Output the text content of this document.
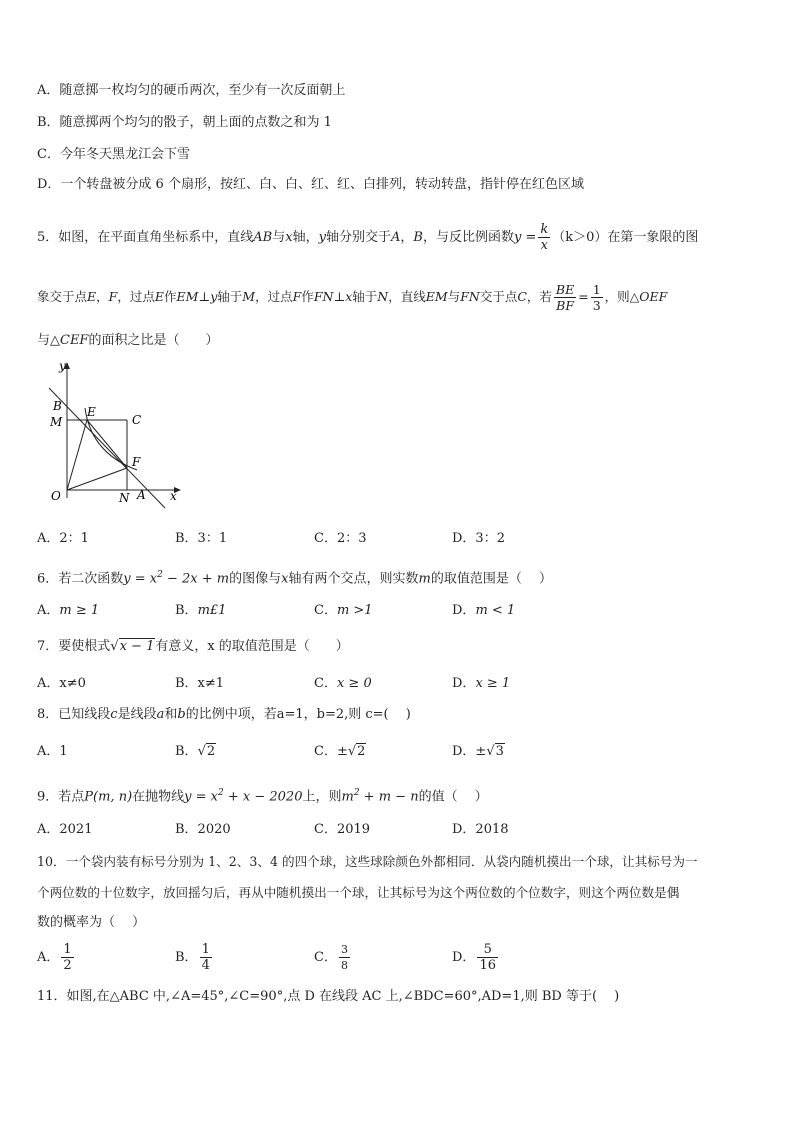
A．随意掷一枚均匀的硬币两次，至少有一次反面朝上
B．随意掷两个均匀的骰子，朝上面的点数之和为 1
C．今年冬天黑龙江会下雪
D．一个转盘被分成 6 个扇形，按红、白、白、红、红、白排列，转动转盘，指针停在红色区域
5．如图，在平面直角坐标系中，直线AB与x轴，y轴分别交于A，B，与反比例函数$y = \frac{k}{x} (k>0)$在第一象限的图
象交于点E，F，过点E作EM⊥y轴于M，过点F作FN⊥x轴于N，直线EM与FN交于点C，若 $\frac{BE}{BF} = \frac{1}{3}$ ，则△OEF
与△CEF的面积之比是（　　）
y
B E
C
M
F
O	N A x
A．2：1	B．3：1	C．2：3	D．3：2
6．若二次函数$y = x^2 - 2x + m$的图像与x轴有两个交点，则实数m的取值范围是（　 ）
A．m ≥ 1	B．m£1	C．m >1	D．m < 1
7．要使根式√x − 1有意义，x 的取值范围是（　　）
A．x≠0	B．x≠1	C．x ≥ 0	D．x ≥ 1
8．已知线段c是线段a和b的比例中项，若a=1，b=2,则 c=(　 )
A．1	B．√2	C．±√2	D．±√3
9．若点P(m, n)在抛物线$y = x^2 + x - 2020$上，则$m^2 + m - n$的值（　 ）
A．2021	B．2020	C．2019	D．2018
10．一个袋内装有标号分别为 1、2、3、4 的四个球，这些球除颜色外都相同．从袋内随机摸出一个球，让其标号为一
个两位数的十位数字，放回摇匀后，再从中随机摸出一个球，让其标号为这个两位数的个位数字，则这个两位数是偶
数的概率为（　 ）
A． $\frac{1}{2}$	B． $\frac{1}{4}$	C． $\frac{3}{8}$	D． $\frac{5}{16}$
11．如图,在△ABC 中,∠A=45°,∠C=90°,点 D 在线段 AC 上,∠BDC=60°,AD=1,则 BD 等于(　 )
